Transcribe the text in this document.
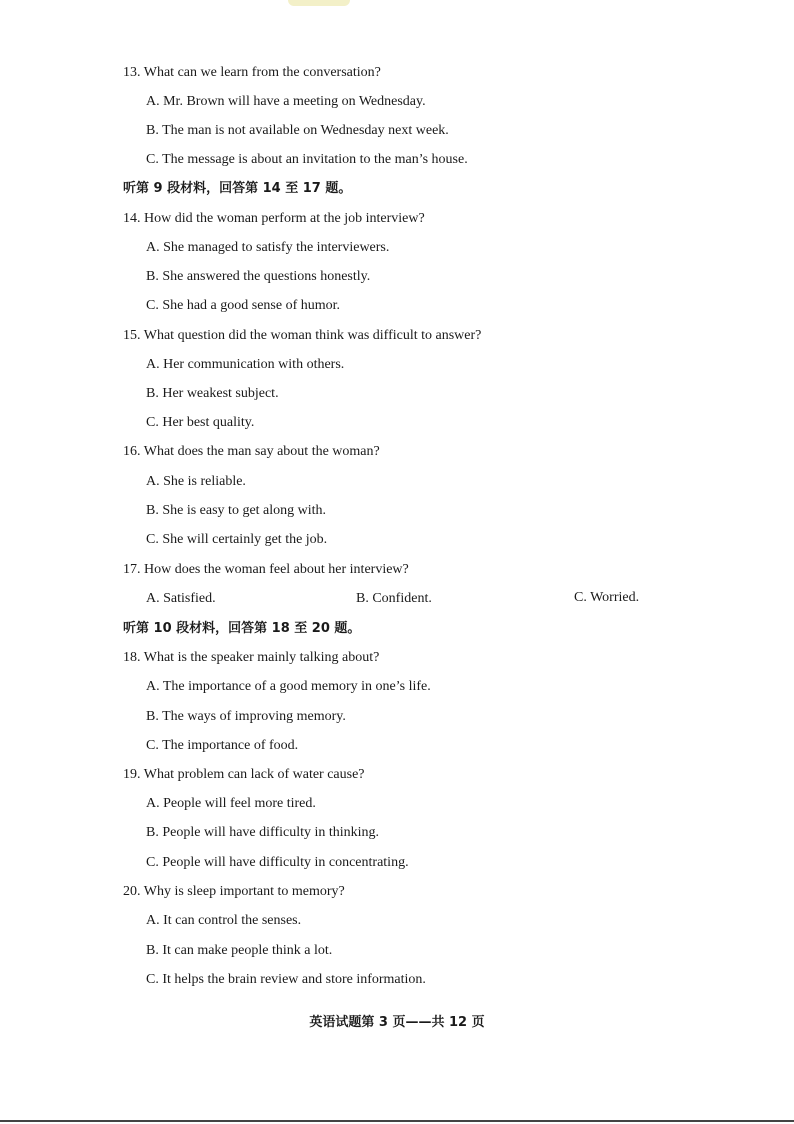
13. What can we learn from the conversation?
A. Mr. Brown will have a meeting on Wednesday.
B. The man is not available on Wednesday next week.
C. The message is about an invitation to the man’s house.
听第 9 段材料，回答第 14 至 17 题。
14. How did the woman perform at the job interview?
A. She managed to satisfy the interviewers.
B. She answered the questions honestly.
C. She had a good sense of humor.
15. What question did the woman think was difficult to answer?
A. Her communication with others.
B. Her weakest subject.
C. Her best quality.
16. What does the man say about the woman?
A. She is reliable.
B. She is easy to get along with.
C. She will certainly get the job.
17. How does the woman feel about her interview?
A. Satisfied.	B. Confident.	C. Worried.
听第 10 段材料，回答第 18 至 20 题。
18. What is the speaker mainly talking about?
A. The importance of a good memory in one’s life.
B. The ways of improving memory.
C. The importance of food.
19. What problem can lack of water cause?
A. People will feel more tired.
B. People will have difficulty in thinking.
C. People will have difficulty in concentrating.
20. Why is sleep important to memory?
A. It can control the senses.
B. It can make people think a lot.
C. It helps the brain review and store information.
英语试题第 3 页——共 12 页
